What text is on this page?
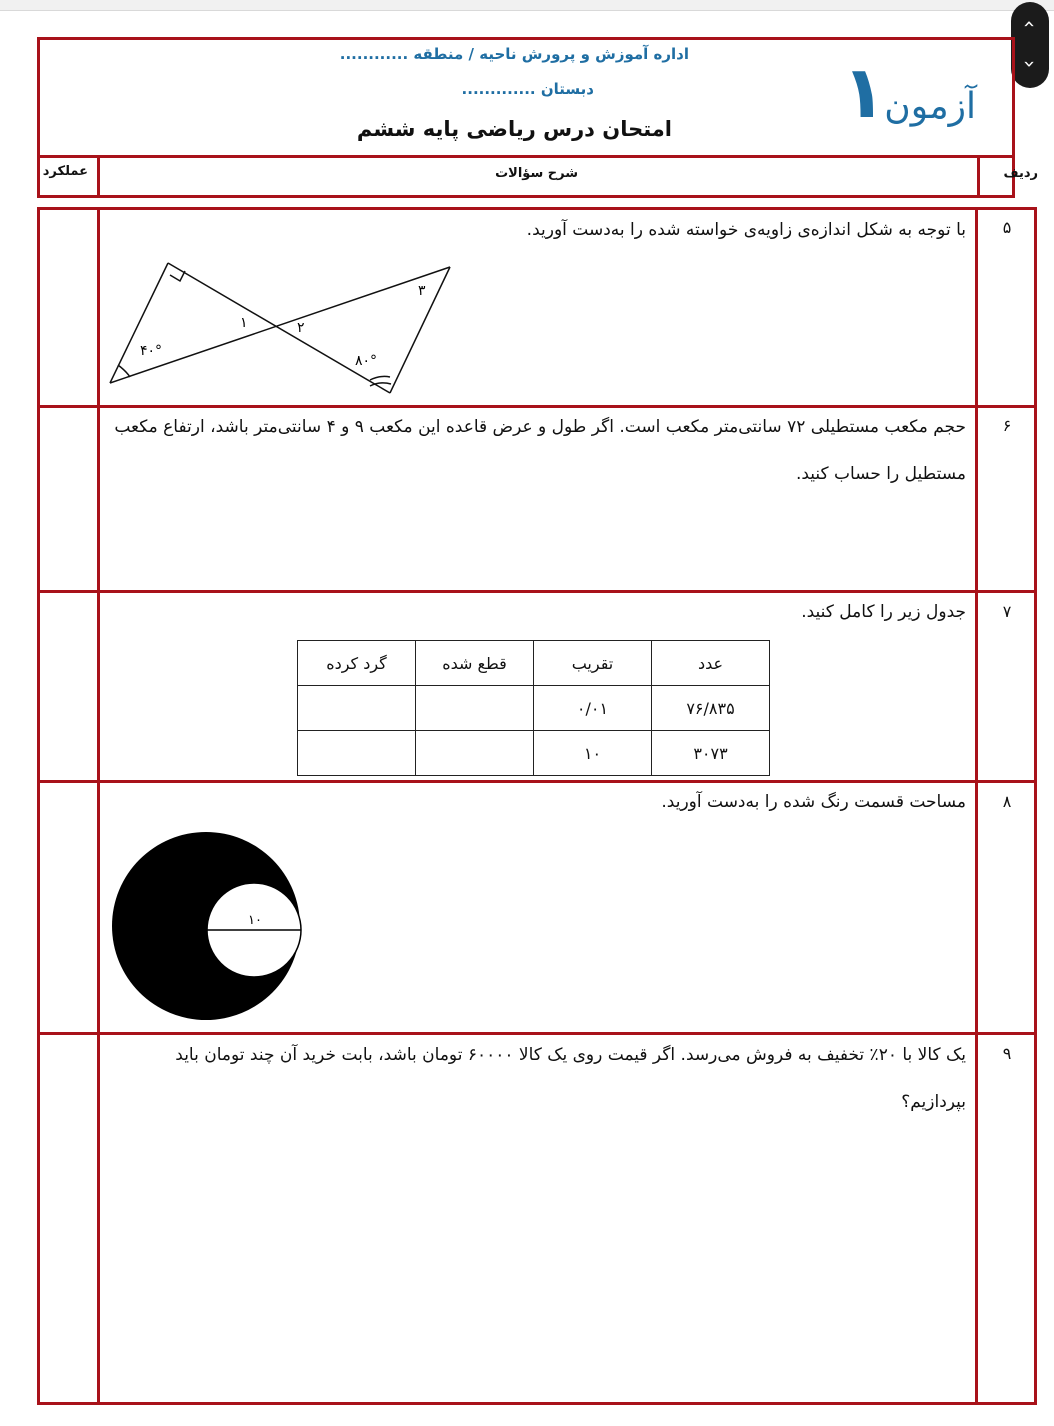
‹
›
اداره آموزش و پرورش ناحیه / منطقه ............
دبستان .............
امتحان درس ریاضی پایه ششم
آزمون
۱
ردیف
شرح سؤالات
عملکرد
۵
با توجه به شکل اندازه‌ی زاویه‌ی خواسته شده را به‌دست آورید.
۴۰°
۸۰°
۱	۲
۳
۶
حجم مکعب مستطیلی ۷۲ سانتی‌متر مکعب است. اگر طول و عرض قاعده این مکعب ۹ و ۴ سانتی‌متر باشد، ارتفاع مکعب مستطیل را حساب کنید.
۷
جدول زیر را کامل کنید.
عدد	تقریب	قطع شده	گرد کرده
۷۶/۸۳۵	۰/۰۱		
۳۰۷۳	۱۰		
۸
مساحت قسمت رنگ شده را به‌دست آورید.
۱۰
۹
یک کالا با ۲۰٪ تخفیف به فروش می‌رسد. اگر قیمت روی یک کالا ۶۰۰۰۰ تومان باشد، بابت خرید آن چند تومان باید بپردازیم؟
